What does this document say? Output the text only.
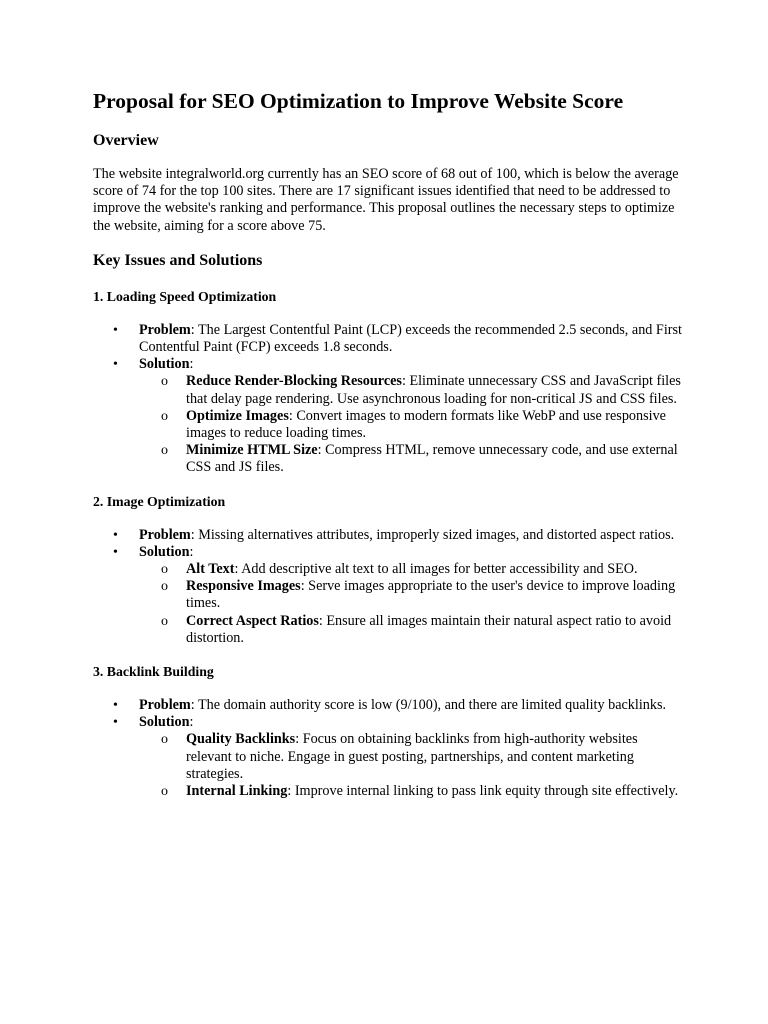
Proposal for SEO Optimization to Improve Website Score
Overview

The website integralworld.org currently has an SEO score of 68 out of 100, which is below the average score of 74 for the top 100 sites. There are 17 significant issues identified that need to be addressed to improve the website's ranking and performance. This proposal outlines the necessary steps to optimize the website, aiming for a score above 75.

Key Issues and Solutions
1. Loading Speed Optimization
•	Problem: The Largest Contentful Paint (LCP) exceeds the recommended 2.5 seconds, and First Contentful Paint (FCP) exceeds 1.8 seconds.
•	Solution:
o Reduce Render-Blocking Resources: Eliminate unnecessary CSS and JavaScript files that delay page rendering. Use asynchronous loading for non-critical JS and CSS files.
o Optimize Images: Convert images to modern formats like WebP and use responsive images to reduce loading times.
o Minimize HTML Size: Compress HTML, remove unnecessary code, and use external CSS and JS files.
2. Image Optimization
•	Problem: Missing alternatives attributes, improperly sized images, and distorted aspect ratios.
•	Solution:
o Alt Text: Add descriptive alt text to all images for better accessibility and SEO.
o Responsive Images: Serve images appropriate to the user's device to improve loading times.
o Correct Aspect Ratios: Ensure all images maintain their natural aspect ratio to avoid distortion.
3. Backlink Building
•	Problem: The domain authority score is low (9/100), and there are limited quality backlinks.
•	Solution:
o Quality Backlinks: Focus on obtaining backlinks from high-authority websites relevant to niche. Engage in guest posting, partnerships, and content marketing strategies.
o Internal Linking: Improve internal linking to pass link equity through site effectively.
